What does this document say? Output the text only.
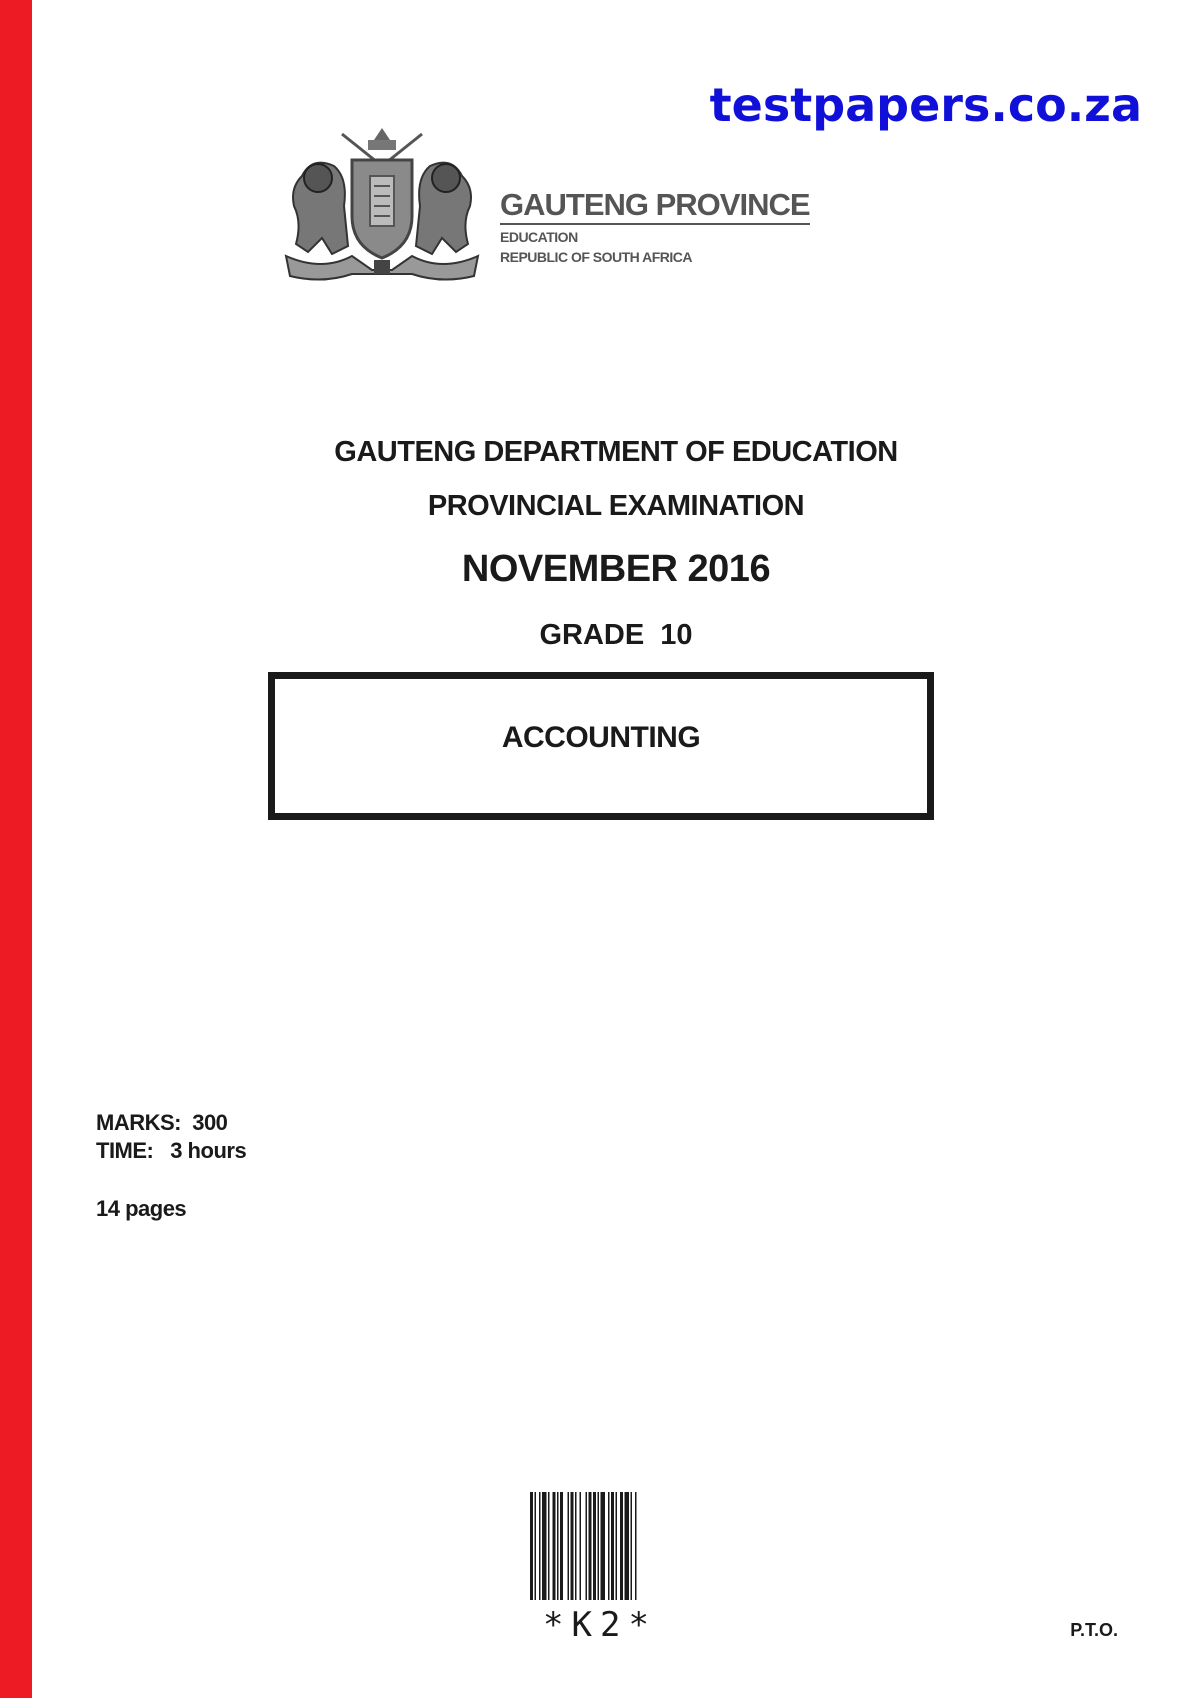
testpapers.co.za
GAUTENG PROVINCE
EDUCATION
REPUBLIC OF SOUTH AFRICA
GAUTENG DEPARTMENT OF EDUCATION
PROVINCIAL EXAMINATION
NOVEMBER 2016
GRADE  10
ACCOUNTING
MARKS:  300
TIME:   3 hours
14 pages
*K2*	P.T.O.
